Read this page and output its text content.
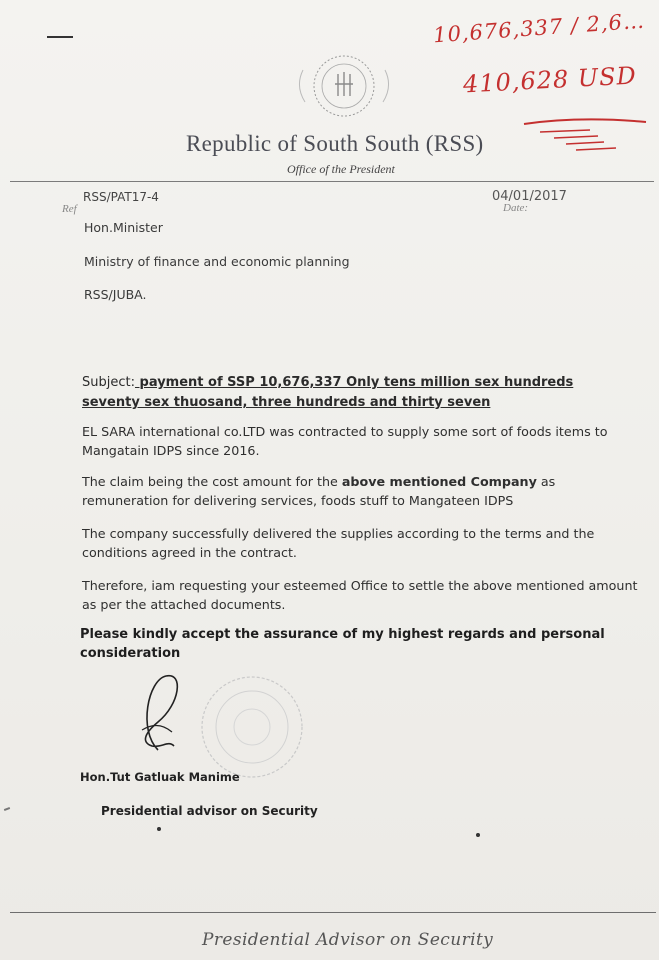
10,676,337 / 2,6…
410,628 USD
Republic of South South (RSS)
Office of the President
Ref
RSS/PAT17-4	04/01/2017
Date:
Hon.Minister
Ministry of finance and economic planning
RSS/JUBA.
Subject: payment of SSP 10,676,337 Only tens million sex hundreds seventy sex thuosand, three hundreds and thirty seven
EL SARA international co.LTD was contracted to supply some sort of foods items to Mangatain IDPS since 2016.
The claim being the cost amount for the above mentioned Company as remuneration for delivering services, foods stuff to Mangateen IDPS
The company successfully delivered the supplies according to the terms and the conditions agreed in the contract.
Therefore, iam requesting your esteemed Office to settle the above mentioned amount as per the attached documents.
Please kindly accept the assurance of my highest regards and personal consideration
Hon.Tut Gatluak Manime
Presidential advisor on Security
Presidential Advisor on Security
